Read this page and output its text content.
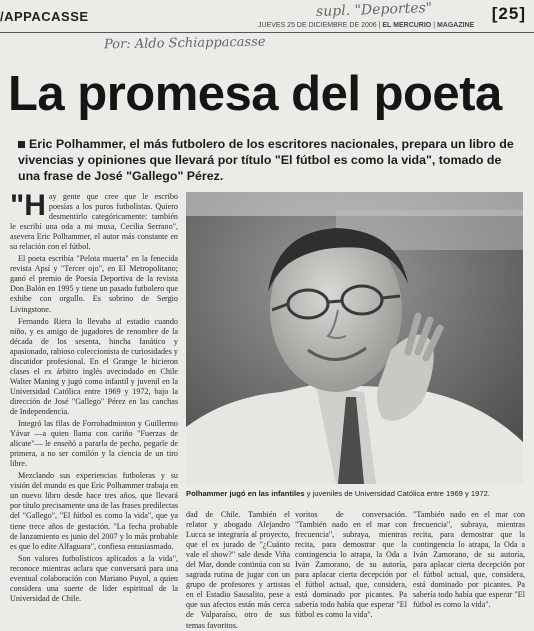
/APPACASSE	supl. "Deportes"
JUEVES 25 DE DICIEMBRE DE 2006 | EL MERCURIO | MAGAZINE
[25]
Por: Aldo Schiappacasse
La promesa del poeta
Eric Polhammer, el más futbolero de los escritores nacionales, prepara un libro de vivencias y opiniones que llevará por título "El fútbol es como la vida", tomado de una frase de José "Gallego" Pérez.
"H ay gente que cree que le escribo poesías a los puros futbolistas. Quiero desmentirlo categóricamente: también le escribí una oda a mi musa, Cecilia Serrano", asevera Eric Polhammer, el autor más constante en su relación con el fútbol.

El poeta escribía "Pelota muerta" en la fenecida revista Apsí y "Tercer ojo", en El Metropolitano; ganó el premio de Poesía Deportiva de la revista Don Balón en 1995 y tiene un pasado futbolero que exhibe con orgullo. Es sobrino de Sergio Livingstone.

Fernando Riera lo llevaba al estadio cuando niño, y es amigo de jugadores de renombre de la década de los sesenta, hincha fanático y apasionado, rabioso coleccionista de curiosidades y discutidor profesional. En el Grange le hicieron clases el ex árbitro inglés avecindado en Chile Walter Maning y jugó como infantil y juvenil en la Universidad Católica entre 1969 y 1972, bajo la dirección de José "Gallego" Pérez en las canchas de Independencia.

Integró las filas de Forrobadminton y Guillermo Yávar —a quien llama con cariño "Fuerzas de alicate"— le enseñó a pararla de pecho, pegarle de primera, a no ser comilón y la ciencia de un tiro libre.

Mezclando sus experiencias futboleras y su visión del mundo es que Eric Polhammer trabaja en un nuevo libro desde hace tres años, que llevará por título precisamente una de las frases predilectas del "Gallego", "El fútbol es como la vida", que ya tiene trece años de gestación. "La fecha probable de lanzamiento es junio del 2007 y lo más probable es que lo edite Alfaguara", confiesa entusiasmado.

Son valores futbolísticos aplicados a la vida", reconoce mientras aclara que conversará para una eventual colaboración con Mariano Puyol, a quien considera una suerte de líder espiritual de la Universidad de Chile.

Polhammer jugó en las infantiles y juveniles de Universidad Católica entre 1969 y 1972.

dad de Chile. También el relator y abogado Alejandro Lucca se integraría al proyecto, que el ex jurado de "¿Cuánto vale el show?" sale desde Viña del Mar, donde continúa con su sagrada rutina de jugar con un grupo de profesores y artistas en el Estadio Sausalito, pese a que sus afectos están más cerca de Valparaíso, otro de sus temas favoritos.

voritos de conversación. "También nado en el mar con frecuencia", subraya, mientras recita, para demostrar que la contingencia lo atrapa, la Oda a Iván Zamorano, de su autoría, para aplacar cierta decepción por el fútbol actual, que, considera, está dominado por picantes. Pa sabería todo había que esperar "El fútbol es como la vida".

"También nado en el mar con frecuencia", subraya, mientras recita, para demostrar que la contingencia lo atrapa, la Oda a Iván Zamorano, de su autoría, para aplacar cierta decepción por el fútbol actual, que, considera, está dominado por picantes. Pa sabería todo había que esperar "El fútbol es como la vida".
